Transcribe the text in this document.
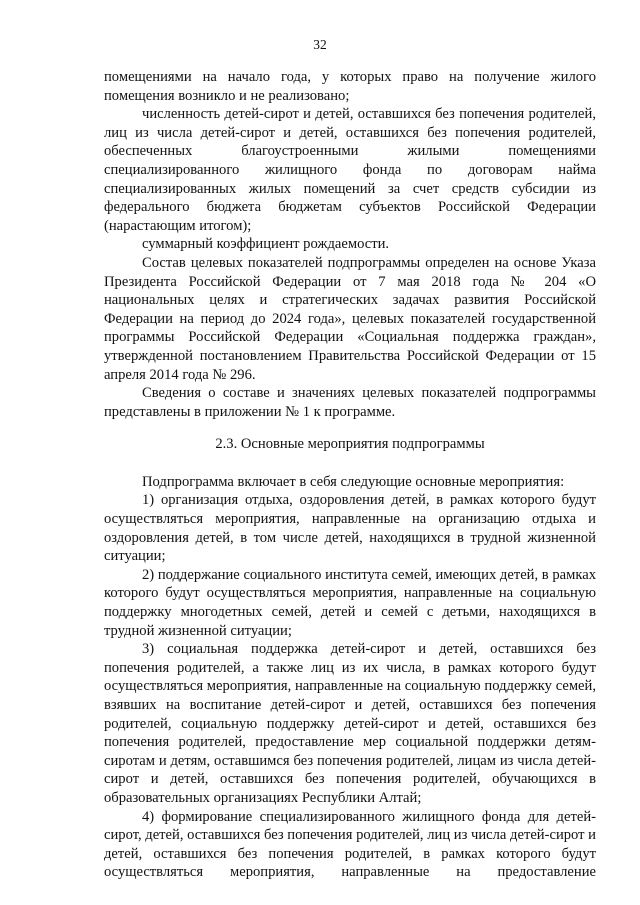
32

помещениями на начало года, у которых право на получение жилого помещения возникло и не реализовано;

численность детей-сирот и детей, оставшихся без попечения родителей, лиц из числа детей-сирот и детей, оставшихся без попечения родителей, обеспеченных благоустроенными жилыми помещениями специализированного жилищного фонда по договорам найма специализированных жилых помещений за счет средств субсидии из федерального бюджета бюджетам субъектов Российской Федерации (нарастающим итогом);

суммарный коэффициент рождаемости.

Состав целевых показателей подпрограммы определен на основе Указа Президента Российской Федерации от 7 мая 2018 года № 204 «О национальных целях и стратегических задачах развития Российской Федерации на период до 2024 года», целевых показателей государственной программы Российской Федерации «Социальная поддержка граждан», утвержденной постановлением Правительства Российской Федерации от 15 апреля 2014 года № 296.

Сведения о составе и значениях целевых показателей подпрограммы представлены в приложении № 1 к программе.

2.3. Основные мероприятия подпрограммы

Подпрограмма включает в себя следующие основные мероприятия:

1) организация отдыха, оздоровления детей, в рамках которого будут осуществляться мероприятия, направленные на организацию отдыха и оздоровления детей, в том числе детей, находящихся в трудной жизненной ситуации;

2) поддержание социального института семей, имеющих детей, в рамках которого будут осуществляться мероприятия, направленные на социальную поддержку многодетных семей, детей и семей с детьми, находящихся в трудной жизненной ситуации;

3) социальная поддержка детей-сирот и детей, оставшихся без попечения родителей, а также лиц из их числа, в рамках которого будут осуществляться мероприятия, направленные на социальную поддержку семей, взявших на воспитание детей-сирот и детей, оставшихся без попечения родителей, социальную поддержку детей-сирот и детей, оставшихся без попечения родителей, предоставление мер социальной поддержки детям-сиротам и детям, оставшимся без попечения родителей, лицам из числа детей-сирот и детей, оставшихся без попечения родителей, обучающихся в образовательных организациях Республики Алтай;

4) формирование специализированного жилищного фонда для детей-сирот, детей, оставшихся без попечения родителей, лиц из числа детей-сирот и детей, оставшихся без попечения родителей, в рамках которого будут осуществляться мероприятия, направленные на предоставление
